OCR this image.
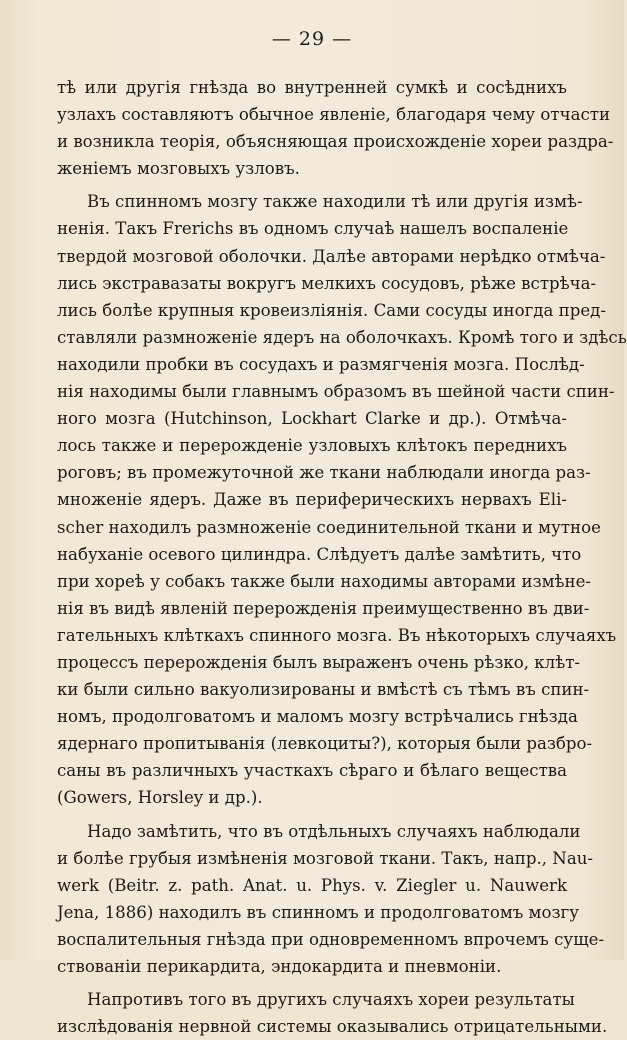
— 29 —
тѣ или другія гнѣзда во внутренней сумкѣ и сосѣднихъ
узлахъ составляютъ обычное явленіе, благодаря чему отчасти
и возникла теорія, объясняющая происхожденіе хореи раздра-
женіемъ мозговыхъ узловъ.
Въ спинномъ мозгу также находили тѣ или другія измѣ-
ненія. Такъ Frerichs въ одномъ случаѣ нашелъ воспаленіе
твердой мозговой оболочки. Далѣе авторами нерѣдко отмѣча-
лись экстравазаты вокругъ мелкихъ сосудовъ, рѣже встрѣча-
лись болѣе крупныя кровеизліянія. Сами сосуды иногда пред-
ставляли размноженіе ядеръ на оболочкахъ. Кромѣ того и здѣсь
находили пробки въ сосудахъ и размягченія мозга. Послѣд-
нія находимы были главнымъ образомъ въ шейной части спин-
ного мозга (Hutchinson, Lockhart Clarke и др.). Отмѣча-
лось также и перерожденіе узловыхъ клѣтокъ переднихъ
роговъ; въ промежуточной же ткани наблюдали иногда раз-
множеніе ядеръ. Даже въ периферическихъ нервахъ Eli-
scher находилъ размноженіе соединительной ткани и мутное
набуханіе осевого цилиндра. Слѣдуетъ далѣе замѣтить, что
при хореѣ у собакъ также были находимы авторами измѣне-
нія въ видѣ явленій перерожденія преимущественно въ дви-
гательныхъ клѣткахъ спинного мозга. Въ нѣкоторыхъ случаяхъ
процессъ перерожденія былъ выраженъ очень рѣзко, клѣт-
ки были сильно вакуолизированы и вмѣстѣ съ тѣмъ въ спин-
номъ, продолговатомъ и маломъ мозгу встрѣчались гнѣзда
ядернаго пропитыванія (левкоциты?), которыя были разбро-
саны въ различныхъ участкахъ сѣраго и бѣлаго вещества
(Gowers, Horsley и др.).
Надо замѣтить, что въ отдѣльныхъ случаяхъ наблюдали
и болѣе грубыя измѣненія мозговой ткани. Такъ, напр., Nau-
werk (Beitr. z. path. Anat. u. Phys. v. Ziegler u. Nauwerk
Jena, 1886) находилъ въ спинномъ и продолговатомъ мозгу
воспалительныя гнѣзда при одновременномъ впрочемъ суще-
ствованіи перикардита, эндокардита и пневмоніи.
Напротивъ того въ другихъ случаяхъ хореи результаты
изслѣдованія нервной системы оказывались отрицательными.
